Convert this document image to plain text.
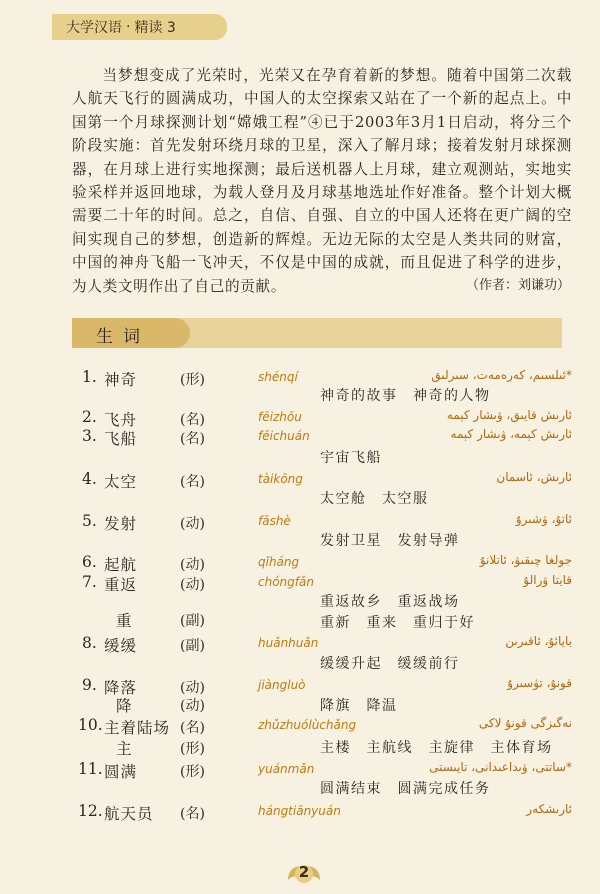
大学汉语 · 精读 3

当梦想变成了光荣时，光荣又在孕育着新的梦想。随着中国第二次载人航天飞行的圆满成功，中国人的太空探索又站在了一个新的起点上。中国第一个月球探测计划“嫦娥工程”④已于2003年3月1日启动，将分三个阶段实施：首先发射环绕月球的卫星，深入了解月球；接着发射月球探测器，在月球上进行实地探测；最后送机器人上月球，建立观测站，实地实验采样并返回地球，为载人登月及月球基地选址作好准备。整个计划大概需要二十年的时间。总之，自信、自强、自立的中国人还将在更广阔的空间实现自己的梦想，创造新的辉煌。无边无际的太空是人类共同的财富，中国的神舟飞船一飞冲天，不仅是中国的成就，而且促进了科学的进步，为人类文明作出了自己的贡献。	（作者：刘谦功）
生词
1. 神奇	(形)	shénqí	*ئىلسىم، كەرەمەت، سىرلىق
神奇的故事　神奇的人物
2. 飞舟	(名)	fēizhōu	ئارىش قايىق، ۋىشار كېمە
3. 飞船	(名)	fēichuán	ئارىش كېمە، ۋىشار كېمە
宇宙飞船
4. 太空	(名)	tàikōng	ئارىش، ئاسمان
太空舱　太空服
5. 发射	(动)	fāshè	ئاتۇ، ۋشىرۇ
发射卫星　发射导弹
6. 起航	(动)	qǐháng	جولغا چىقىۋ، ئاتلانۇ
7. 重返	(动)	chóngfǎn	قايتا ۋرالۇ
重返故乡　重返战场
重	(副)	重新　重来　重归于好
8. 缓缓	(副)	huǎnhuǎn	بايائۇ، ئاقىرىن
缓缓升起　缓缓前行
9. 降落	(动)	jiàngluò	قونۇ، تۈسىرۇ
降	(动)	降旗　降温
10. 主着陆场 (名)	zhǔzhuólùchǎng	نەگىزگى قونۇ لاكى
主	(形)	主楼　主航线　主旋律　主体育场
11. 圆满	(形)	yuánmǎn	*ساتتى، ۋىداعىدانى، تايىستى
圆满结束　圆满完成任务
12. 航天员 (名)	hángtiānyuán	ئارىشكەر
2
